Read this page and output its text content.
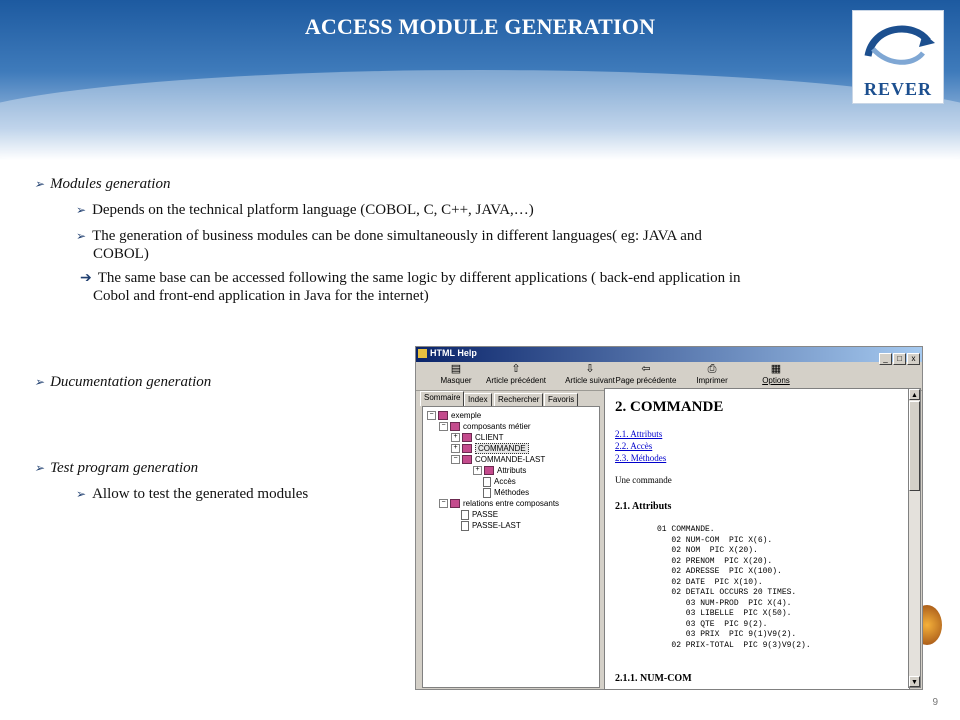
ACCESS MODULE GENERATION
REVER
➢ Modules generation
➢ Depends on the technical platform language (COBOL, C, C++, JAVA,…)
➢ The generation of business modules can be done simultaneously in different languages( eg: JAVA and
COBOL)
➔ The same base can be accessed following the same logic by different applications ( back-end application in
Cobol and front-end application in Java for the internet)
➢ Ducumentation generation
➢ Test program generation
➢ Allow to test the generated modules
HTML Help
_ □ x
▤
Masquer
⇧
Article précédent
⇩
Article suivant
⇦
Page précédente
⎙
Imprimer
▦
Options
Sommaire Index	Rechercher	Favoris
− exemple
− composants métier
+ CLIENT
+	COMMANDE
− COMMANDE-LAST
+ Attributs
Accès
Méthodes
− relations entre composants
PASSE
PASSE-LAST
2. COMMANDE
2.1. Attributs
2.2. Accès
2.3. Méthodes
Une commande
2.1. Attributs
01 COMMANDE.
02 NUM-COM  PIC X(6).
02 NOM  PIC X(20).
02 PRENOM  PIC X(20).
02 ADRESSE  PIC X(100).
02 DATE  PIC X(10).
02 DETAIL OCCURS 20 TIMES.
03 NUM-PROD  PIC X(4).
03 LIBELLE  PIC X(50).
03 QTE  PIC 9(2).
03 PRIX  PIC 9(1)V9(2).
02 PRIX-TOTAL  PIC 9(3)V9(2).
2.1.1. NUM-COM
▲
▼
9
